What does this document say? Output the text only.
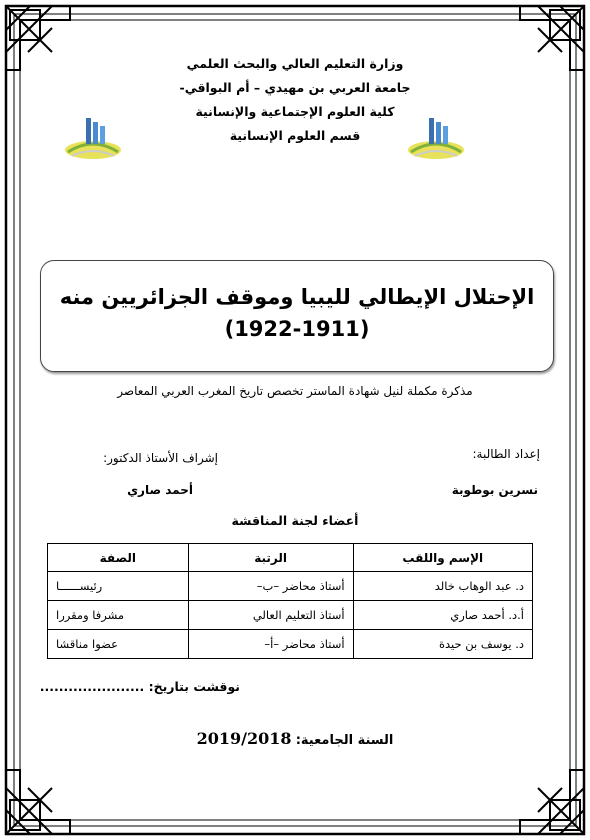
وزارة التعليم العالي والبحث العلمي
جامعة العربي بن مهيدي – أم البواقي-
كلية العلوم الإجتماعية والإنسانية
قسم العلوم الإنسانية
الإحتلال الإيطالي لليبيا وموقف الجزائريين منه
(1922-1911)
مذكرة مكملة لنيل شهادة الماستر تخصص تاريخ المغرب العربي المعاصر
إعداد الطالبة:
نسرين بوطوبة
إشراف الأستاذ الدكتور:
أحمد صاري
أعضاء لجنة المناقشة
الإسم واللقب	الرتبة	الصفة
د. عبد الوهاب خالد	أستاذ محاضر –ب–	رئيســــــا
أ.د. أحمد صاري	أستاذ التعليم العالي	مشرفا ومقررا
د. يوسف بن حيدة	أستاذ محاضر –أ–	عضوا مناقشا
نوقشت بتاريخ: ......................
السنة الجامعية: 2019/2018
